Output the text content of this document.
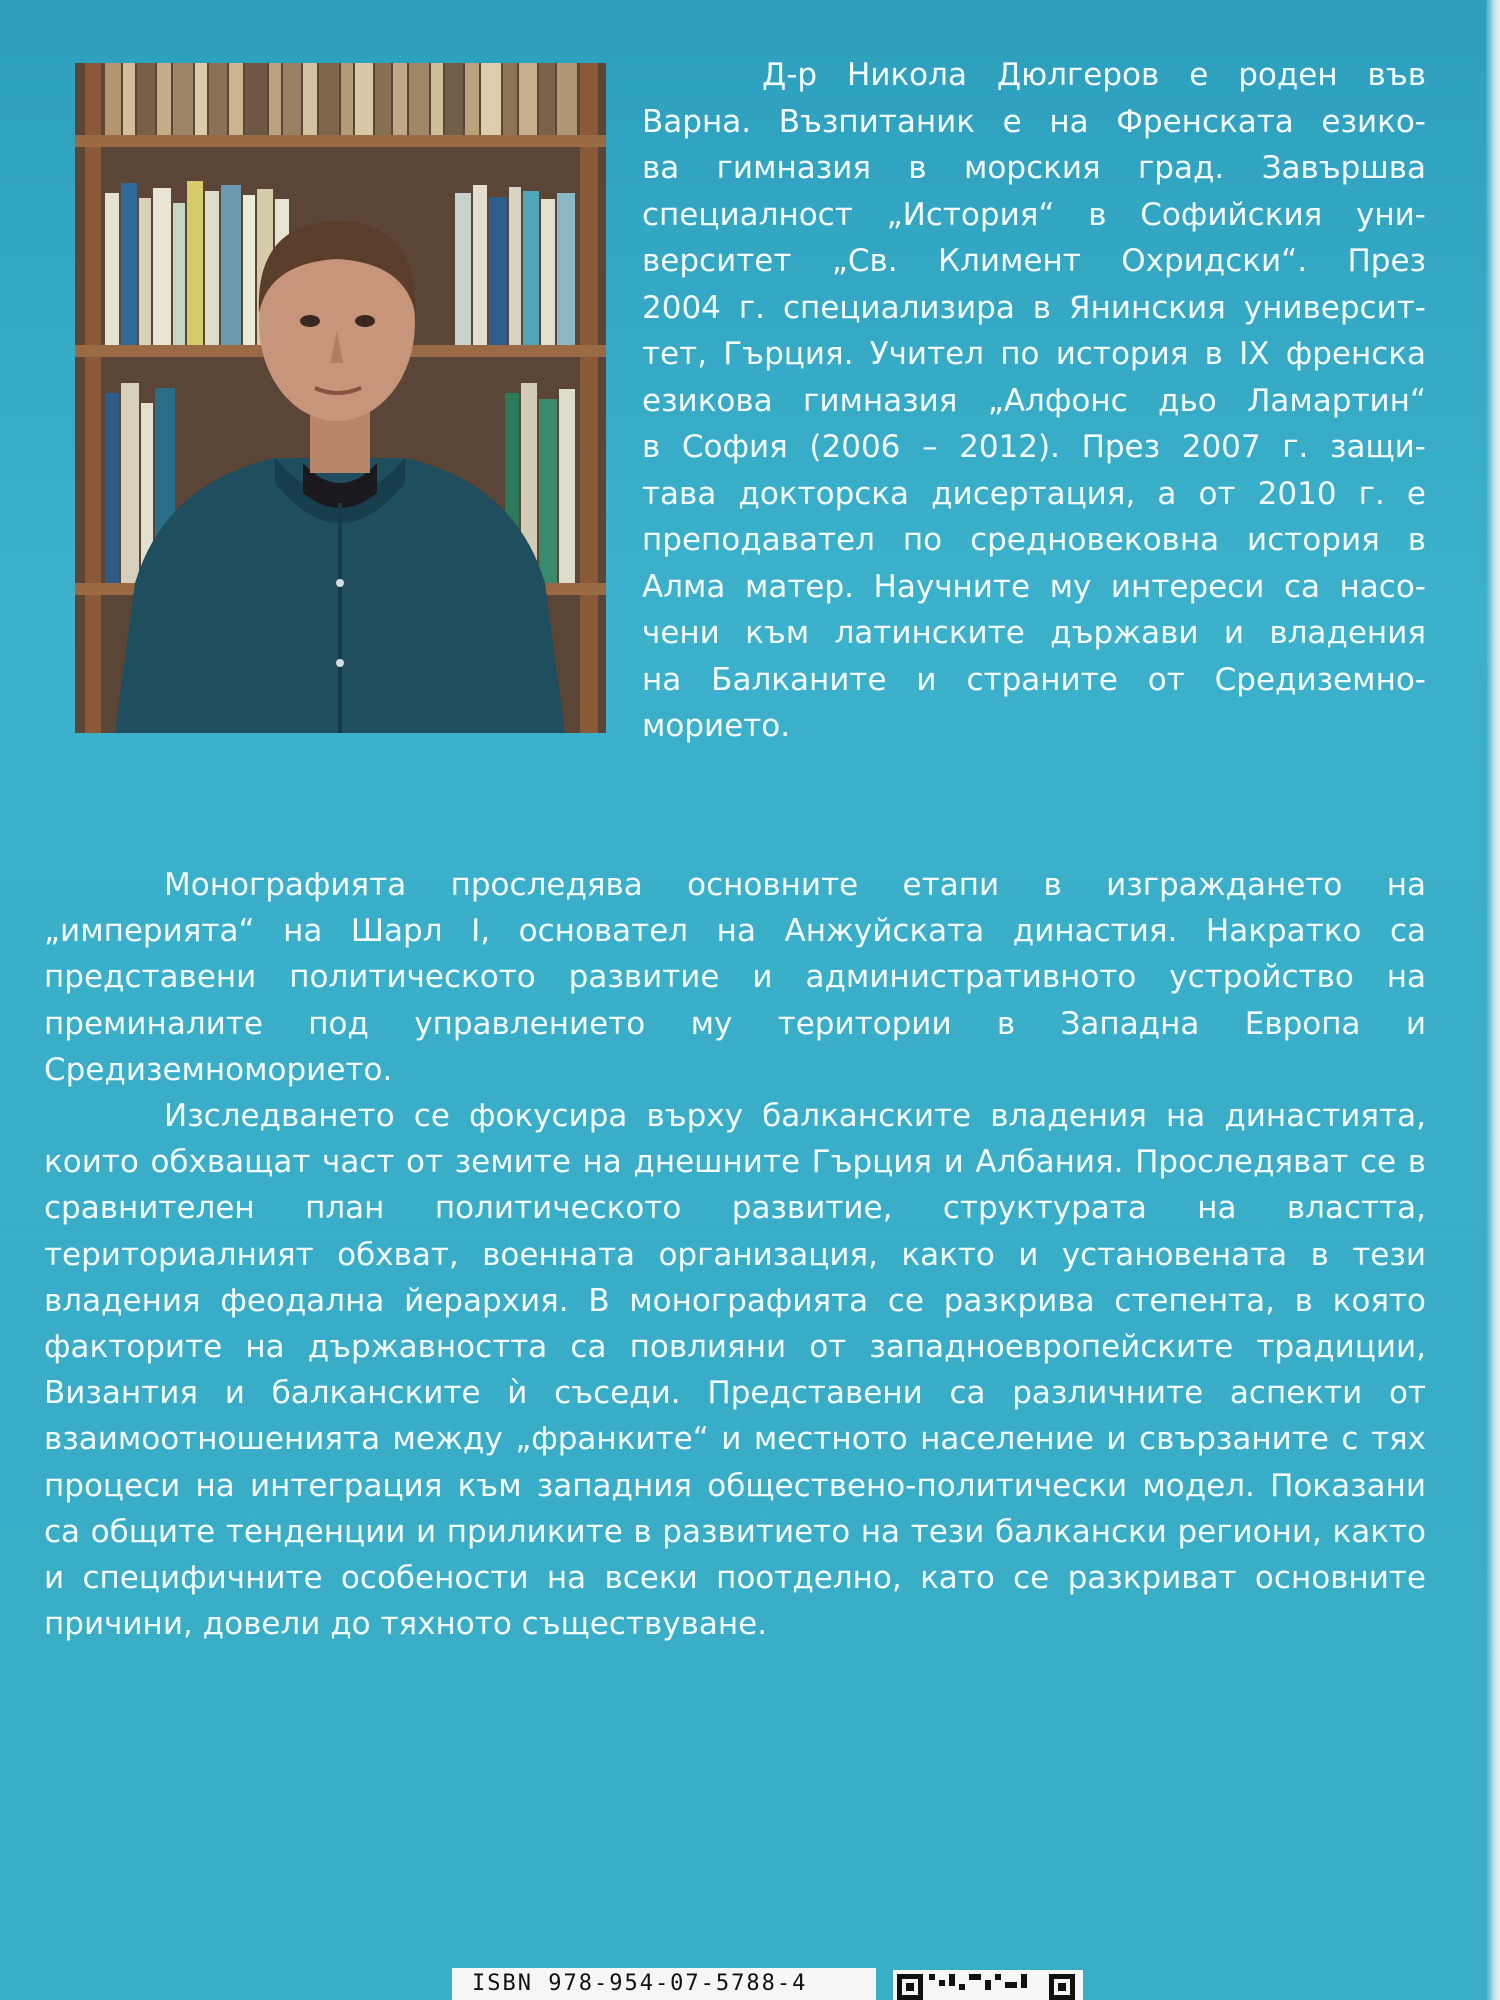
Д-р Никола Дюлгеров е роден във
Варна. Възпитаник е на Френската езико-
ва гимназия в морския град. Завършва
специалност „История“ в Софийския уни-
верситет „Св. Климент Охридски“. През
2004 г. специализира в Янинския университ-
тет, Гърция. Учител по история в IX френска
езикова гимназия „Алфонс дьо Ламартин“
в София (2006 – 2012). През 2007 г. защи-
тава докторска дисертация, а от 2010 г. е
преподавател по средновековна история в
Алма матер. Научните му интереси са насо-
чени към латинските държави и владения
на Балканите и страните от Средиземно-
морието.

Монографията проследява основните етапи в изграждането на „империята“ на Шарл I, основател на Анжуйската династия. Накратко са представени политическото развитие и административното устройство на преминалите под управлението му територии в Западна Европа и Средиземноморието.

Изследването се фокусира върху балканските владения на династията, които обхващат част от земите на днешните Гърция и Албания. Проследяват се в сравнителен план политическото развитие, структурата на властта, териториалният обхват, военната организация, както и установената в тези владения феодална йерархия. В монографията се разкрива степента, в която факторите на държавността са повлияни от западноевропейските традиции, Византия и балканските ѝ съседи. Представени са различните аспекти от взаимоотношенията между „франките“ и местното население и свързаните с тях процеси на интеграция към западния обществено-политически модел. Показани са общите тенденции и приликите в развитието на тези балкански региони, както и специфичните особености на всеки поотделно, като се разкриват основните причини, довели до тяхното съществуване.

ISBN 978-954-07-5788-4
